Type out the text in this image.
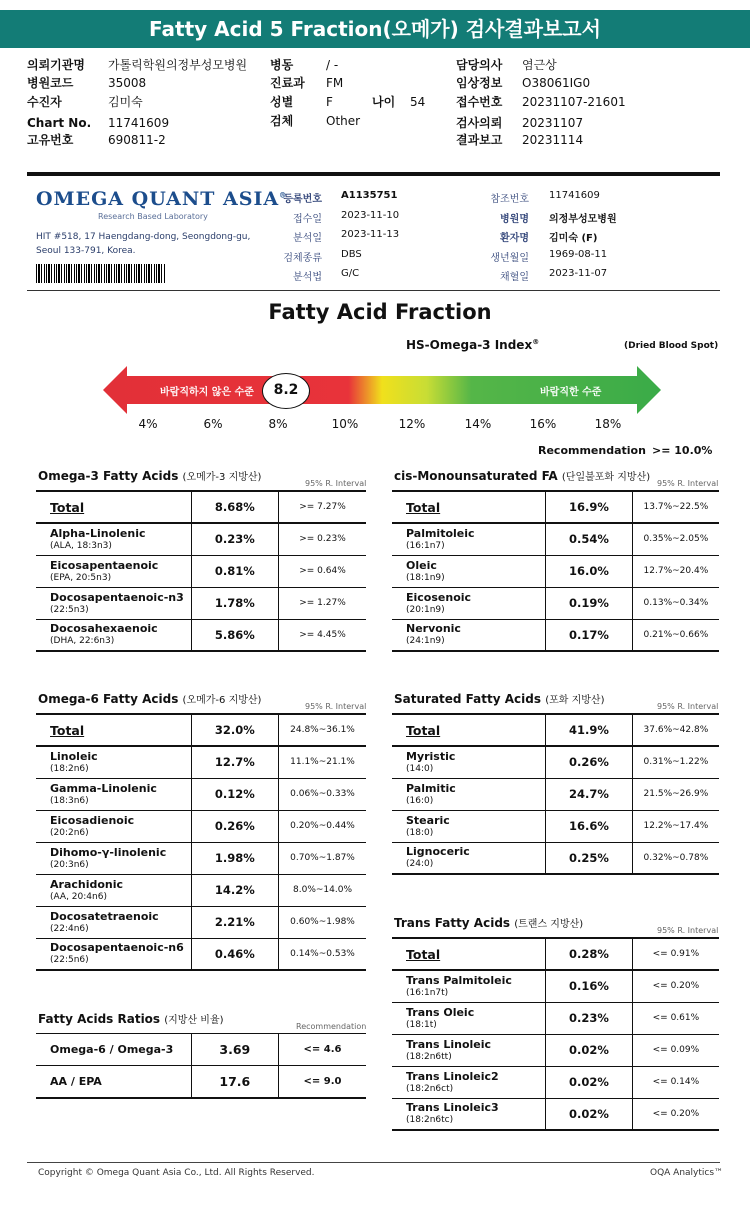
Fatty Acid 5 Fraction(오메가) 검사결과보고서
의뢰기관명 가톨릭학원의정부성모병원
병원코드	35008
수진자	김미숙
Chart No. 11741609
고유번호	690811-2
병동	/ -
진료과 FM
성별	F	나이 54
검체	Other
담당의사 염근상
임상정보 O38061IG0
접수번호 20231107-21601
검사의뢰 20231107
결과보고 20231114
OMEGA QUANT ASIA®
Research Based Laboratory
HIT #518, 17 Haengdang-dong, Seongdong-gu,
Seoul 133-791, Korea.
등록번호 A1135751
접수일 2023-11-10
분석일 2023-11-13
검체종류 DBS
분석법 G/C
참조번호 11741609
병원명 의정부성모병원
환자명 김미숙 (F)
생년월일 1969-08-11
채혈일 2023-11-07
Fatty Acid Fraction
HS-Omega-3 Index®	(Dried Blood Spot)
바람직하지 않은 수준	바람직한 수준
8.2
4%	6%	8%	10%	12%	14%	16%	18%
Recommendation >= 10.0%
Omega-3 Fatty Acids (오메가-3 지방산)
95% R. Interval
cis-Monounsaturated FA (단일불포화 지방산)
95% R. Interval
Omega-6 Fatty Acids (오메가-6 지방산)
95% R. Interval
Saturated Fatty Acids (포화 지방산)
95% R. Interval
Trans Fatty Acids (트랜스 지방산)
95% R. Interval
Fatty Acids Ratios (지방산 비율)
Recommendation
Total	8.68%	>= 7.27%

Alpha-Linolenic
(ALA, 18:3n3)	0.23%	>= 0.23%

Eicosapentaenoic
(EPA, 20:5n3)	0.81%	>= 0.64%

Docosapentaenoic-n3
(22:5n3)	1.78%	>= 1.27%

Docosahexaenoic
(DHA, 22:6n3)	5.86%	>= 4.45%
Total	16.9%	13.7%~22.5%

Palmitoleic
(16:1n7)	0.54%	0.35%~2.05%

Oleic
(18:1n9)	16.0%	12.7%~20.4%

Eicosenoic
(20:1n9)	0.19%	0.13%~0.34%

Nervonic
(24:1n9)	0.17%	0.21%~0.66%
Total	32.0%	24.8%~36.1%

Linoleic
(18:2n6)	12.7%	11.1%~21.1%

Gamma-Linolenic
(18:3n6)	0.12%	0.06%~0.33%

Eicosadienoic
(20:2n6)	0.26%	0.20%~0.44%

Dihomo-γ-linolenic
(20:3n6)	1.98%	0.70%~1.87%

Arachidonic
(AA, 20:4n6)	14.2%	8.0%~14.0%

Docosatetraenoic
(22:4n6)	2.21%	0.60%~1.98%

Docosapentaenoic-n6
(22:5n6)	0.46%	0.14%~0.53%
Total	41.9%	37.6%~42.8%

Myristic
(14:0)	0.26%	0.31%~1.22%

Palmitic
(16:0)	24.7%	21.5%~26.9%

Stearic
(18:0)	16.6%	12.2%~17.4%

Lignoceric
(24:0)	0.25%	0.32%~0.78%
Total	0.28%	<= 0.91%

Trans Palmitoleic
(16:1n7t)	0.16%	<= 0.20%

Trans Oleic
(18:1t)	0.23%	<= 0.61%

Trans Linoleic
(18:2n6tt)	0.02%	<= 0.09%

Trans Linoleic2
(18:2n6ct)	0.02%	<= 0.14%

Trans Linoleic3
(18:2n6tc)	0.02%	<= 0.20%
Omega-6 / Omega-3	3.69	<= 4.6

AA / EPA	17.6	<= 9.0
Copyright © Omega Quant Asia Co., Ltd. All Rights Reserved.	OQA Analytics™
